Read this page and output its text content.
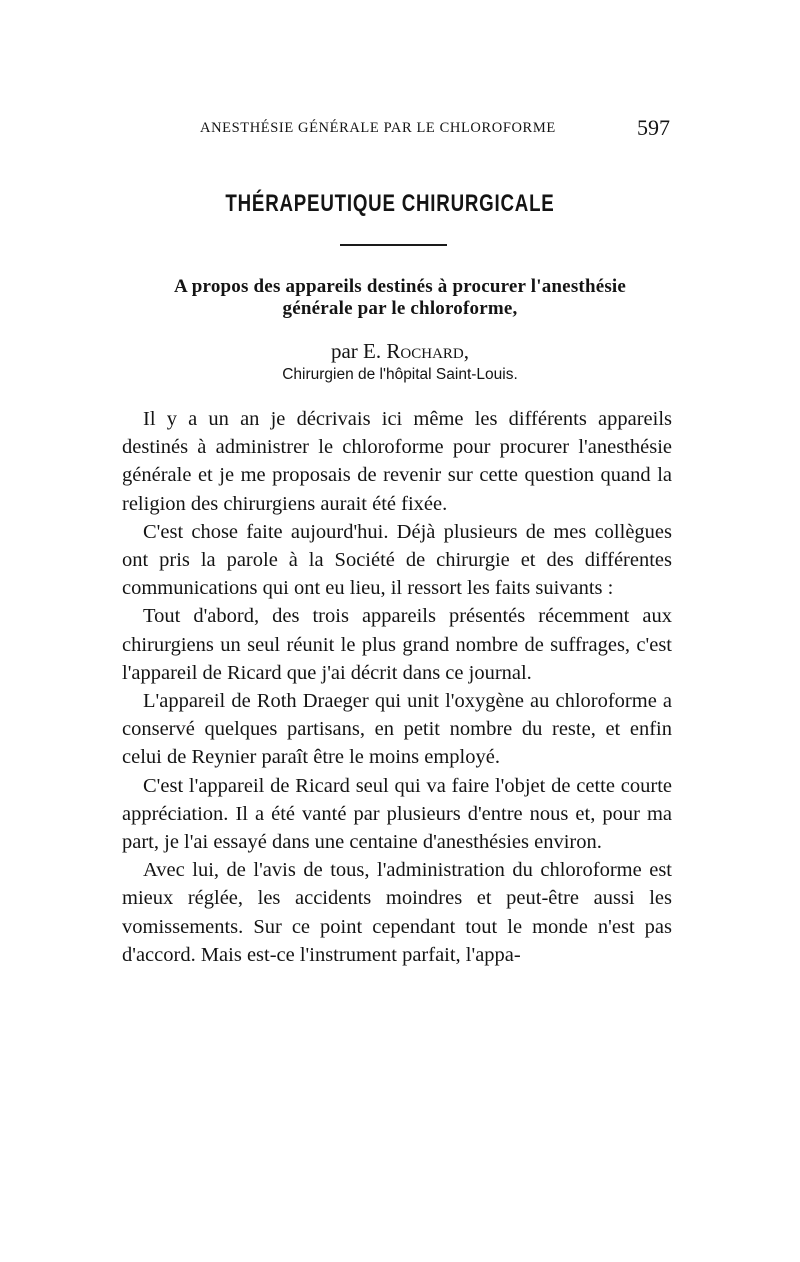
ANESTHÉSIE GÉNÉRALE PAR LE CHLOROFORME	597
THÉRAPEUTIQUE CHIRURGICALE
A propos des appareils destinés à procurer l'anesthésie
générale par le chloroforme,
par E. Rochard,
Chirurgien de l'hôpital Saint-Louis.

Il y a un an je décrivais ici même les différents appareils destinés à administrer le chloroforme pour procurer l'anesthésie générale et je me proposais de revenir sur cette question quand la religion des chirurgiens aurait été fixée.

C'est chose faite aujourd'hui. Déjà plusieurs de mes collègues ont pris la parole à la Société de chirurgie et des différentes communications qui ont eu lieu, il ressort les faits suivants :

Tout d'abord, des trois appareils présentés récemment aux chirurgiens un seul réunit le plus grand nombre de suffrages, c'est l'appareil de Ricard que j'ai décrit dans ce journal.

L'appareil de Roth Draeger qui unit l'oxygène au chloroforme a conservé quelques partisans, en petit nombre du reste, et enfin celui de Reynier paraît être le moins employé.

C'est l'appareil de Ricard seul qui va faire l'objet de cette courte appréciation. Il a été vanté par plusieurs d'entre nous et, pour ma part, je l'ai essayé dans une centaine d'anesthésies environ.

Avec lui, de l'avis de tous, l'administration du chloroforme est mieux réglée, les accidents moindres et peut-être aussi les vomissements. Sur ce point cependant tout le monde n'est pas d'accord. Mais est-ce l'instrument parfait, l'appa-
